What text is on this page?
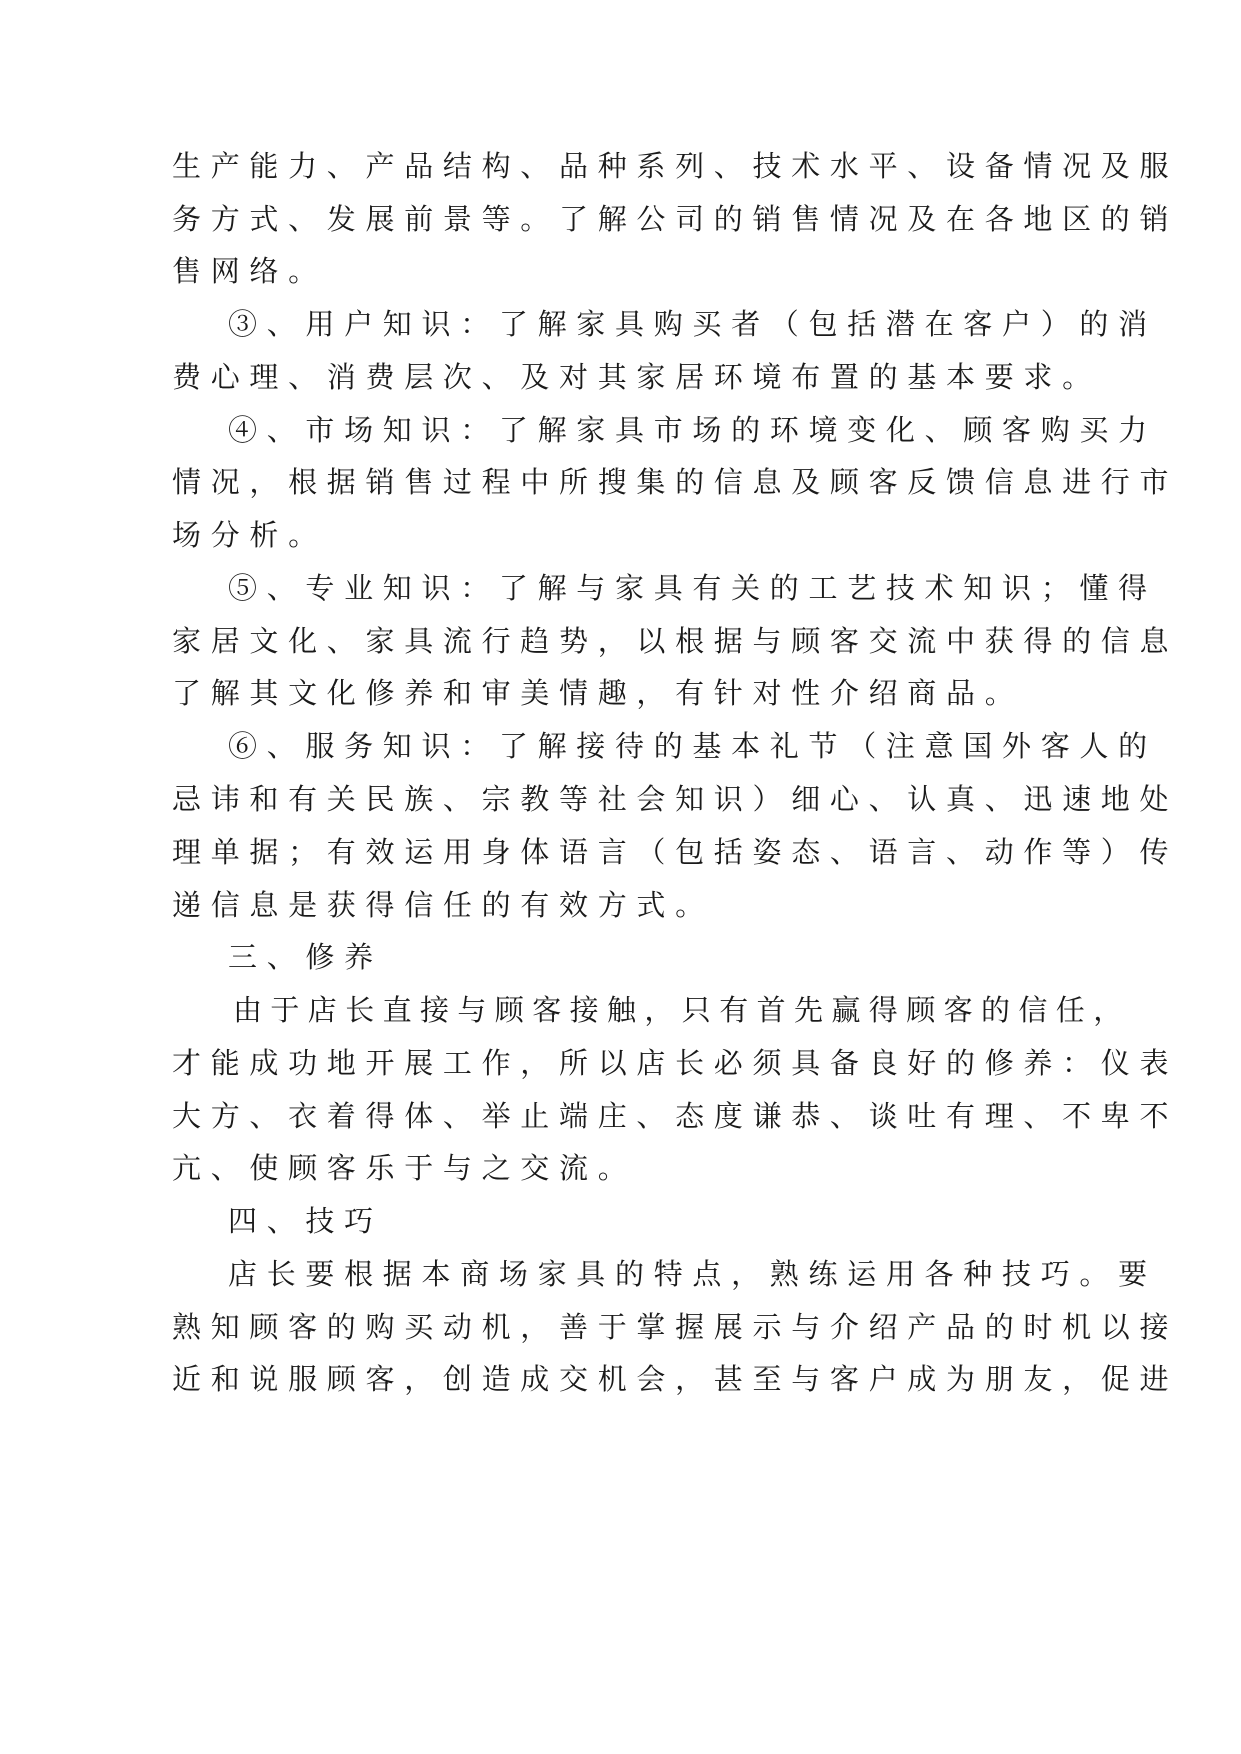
生产能力、产品结构、品种系列、技术水平、设备情况及服
务方式、发展前景等。了解公司的销售情况及在各地区的销
售网络。
③、用户知识：了解家具购买者（包括潜在客户）的消
费心理、消费层次、及对其家居环境布置的基本要求。
④、市场知识：了解家具市场的环境变化、顾客购买力
情况，根据销售过程中所搜集的信息及顾客反馈信息进行市
场分析。
⑤、专业知识：了解与家具有关的工艺技术知识；懂得
家居文化、家具流行趋势，以根据与顾客交流中获得的信息
了解其文化修养和审美情趣，有针对性介绍商品。
⑥、服务知识：了解接待的基本礼节（注意国外客人的
忌讳和有关民族、宗教等社会知识）细心、认真、迅速地处
理单据；有效运用身体语言（包括姿态、语言、动作等）传
递信息是获得信任的有效方式。
三、修养
由于店长直接与顾客接触，只有首先赢得顾客的信任，
才能成功地开展工作，所以店长必须具备良好的修养：仪表
大方、衣着得体、举止端庄、态度谦恭、谈吐有理、不卑不
亢、使顾客乐于与之交流。
四、技巧
店长要根据本商场家具的特点，熟练运用各种技巧。要
熟知顾客的购买动机，善于掌握展示与介绍产品的时机以接
近和说服顾客，创造成交机会，甚至与客户成为朋友，促进
